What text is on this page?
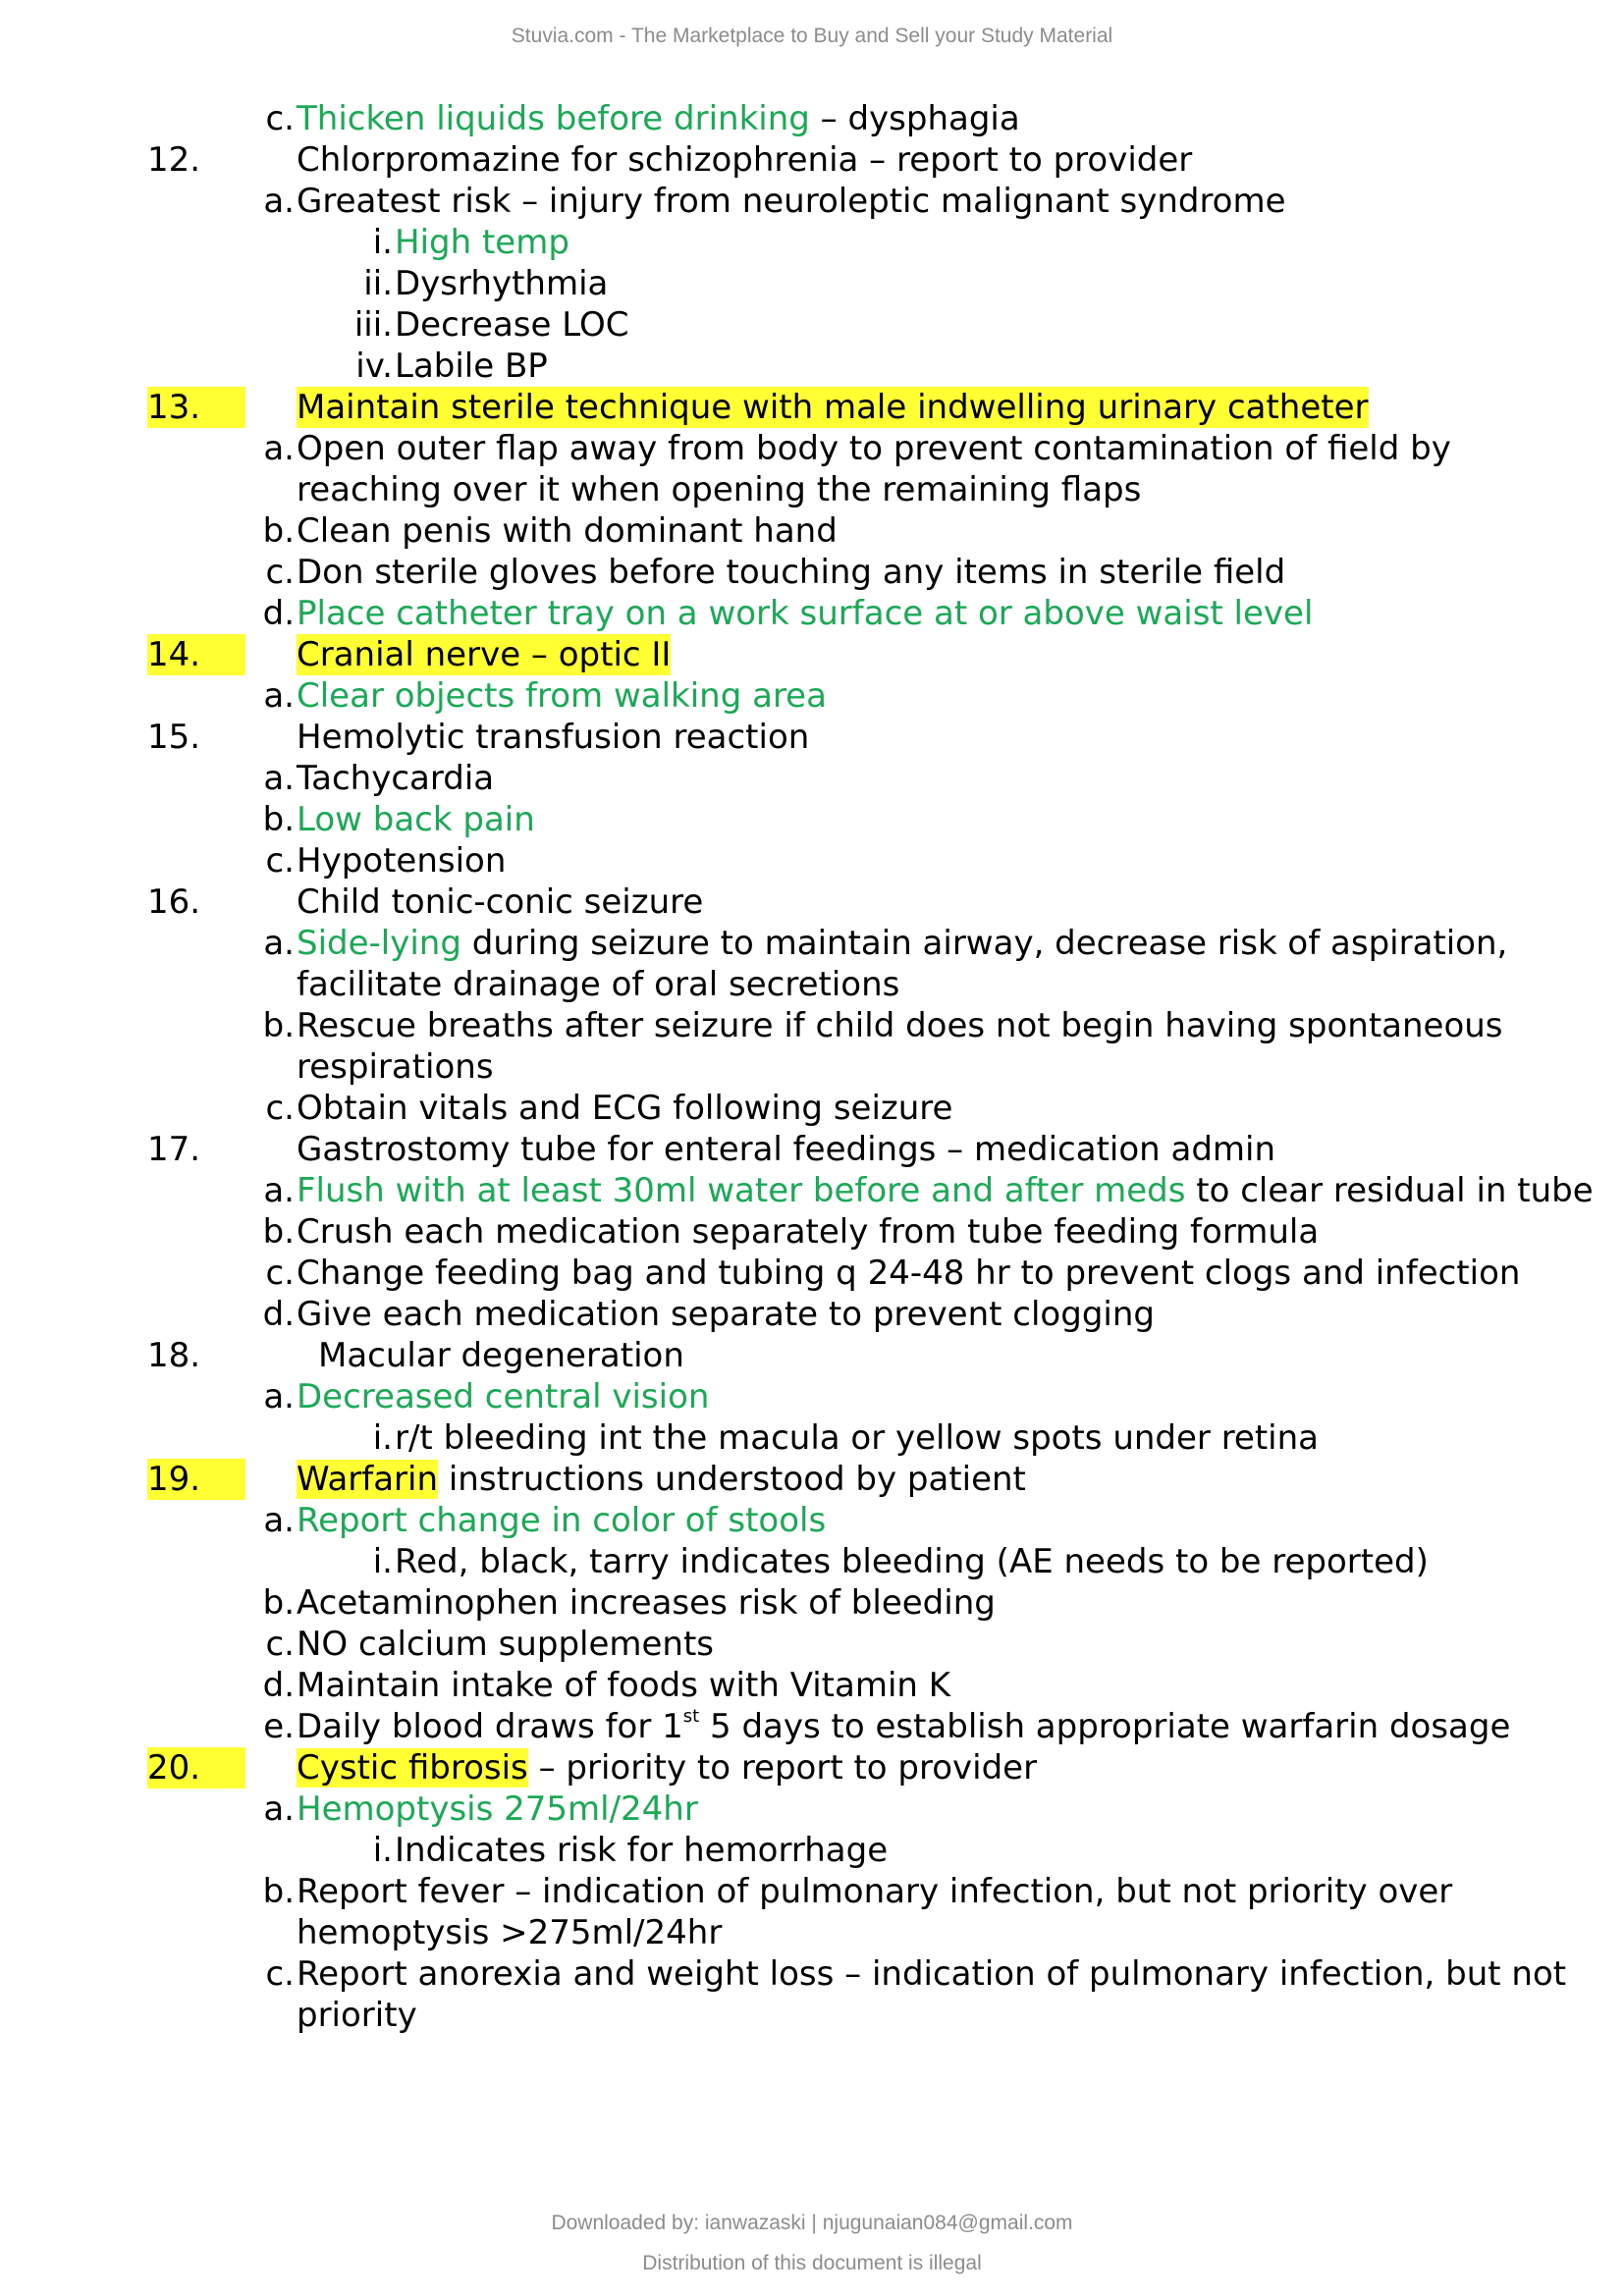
Stuvia.com - The Marketplace to Buy and Sell your Study Material
c. Thicken liquids before drinking – dysphagia
12.	Chlorpromazine for schizophrenia – report to provider
a. Greatest risk – injury from neuroleptic malignant syndrome
i. High temp
ii. Dysrhythmia
iii. Decrease LOC
iv. Labile BP
13.	Maintain sterile technique with male indwelling urinary catheter
a. Open outer flap away from body to prevent contamination of field by
reaching over it when opening the remaining flaps
b. Clean penis with dominant hand
c. Don sterile gloves before touching any items in sterile field
d. Place catheter tray on a work surface at or above waist level
14.	Cranial nerve – optic II
a. Clear objects from walking area
15.	Hemolytic transfusion reaction
a. Tachycardia
b. Low back pain
c. Hypotension
16.	Child tonic-conic seizure
a. Side-lying during seizure to maintain airway, decrease risk of aspiration,
facilitate drainage of oral secretions
b. Rescue breaths after seizure if child does not begin having spontaneous
respirations
c. Obtain vitals and ECG following seizure
17.	Gastrostomy tube for enteral feedings – medication admin
a. Flush with at least 30ml water before and after meds to clear residual in tube
b. Crush each medication separately from tube feeding formula
c. Change feeding bag and tubing q 24-48 hr to prevent clogs and infection
d. Give each medication separate to prevent clogging
18.	Macular degeneration
a. Decreased central vision
i. r/t bleeding int the macula or yellow spots under retina
19.	Warfarin instructions understood by patient
a. Report change in color of stools
i. Red, black, tarry indicates bleeding (AE needs to be reported)
b. Acetaminophen increases risk of bleeding
c. NO calcium supplements
d. Maintain intake of foods with Vitamin K
e. Daily blood draws for 1st 5 days to establish appropriate warfarin dosage
20.	Cystic fibrosis – priority to report to provider
a. Hemoptysis 275ml/24hr
i. Indicates risk for hemorrhage
b. Report fever – indication of pulmonary infection, but not priority over
hemoptysis >275ml/24hr
c. Report anorexia and weight loss – indication of pulmonary infection, but not
priority
Downloaded by: ianwazaski | njugunaian084@gmail.com
Distribution of this document is illegal
